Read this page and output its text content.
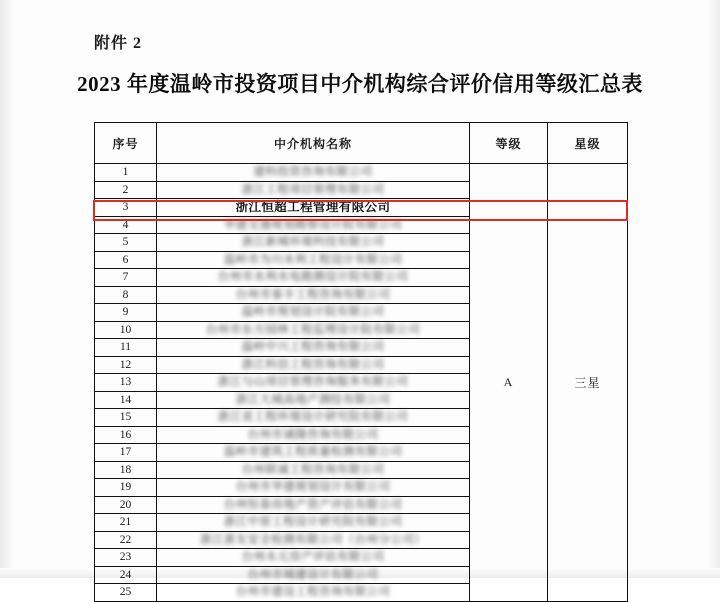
附件 2
2023 年度温岭市投资项目中介机构综合评价信用等级汇总表
序号	中介机构名称	等级	星级
1	建科投资咨询有限公司	A	三星
2	浙江工程项目管理有限公司		

3	浙江恒超工程管理有限公司		

4	华建交通规划勘察设计院有限公司		

5	浙江新城环境科技有限公司		

6	温岭市为川水利工程设计有限公司		

7	台州市水利水电勘测设计院有限公司		

8	台州市泰丰工程咨询有限公司		

9	温岭市规划设计院有限公司		

10	台州市东方园林工程监理设计院有限公司		

11	温岭中兴工程咨询有限公司		

12	浙江科信工程咨询有限公司		

13	浙江与山项目管理咨询服务有限公司		

14	浙江大城高地产测绘有限公司		

15	浙江省工程环境设计研究院有限公司		

16	台州市诚隆咨询有限公司		

17	温岭市建筑工程质量检测有限公司		

18	台州联诚工程咨询有限公司		

19	台州市华建规划设计有限公司		

20	台州恒泰房地产资产评估有限公司		

21	浙江中原工程设计研究院有限公司		

22	浙江浙友安全检测有限公司（台州分公司）		

23	台州永元房产评估有限公司		

24	台州市城建设计有限公司		

25	台州市建设工程咨询有限公司		
